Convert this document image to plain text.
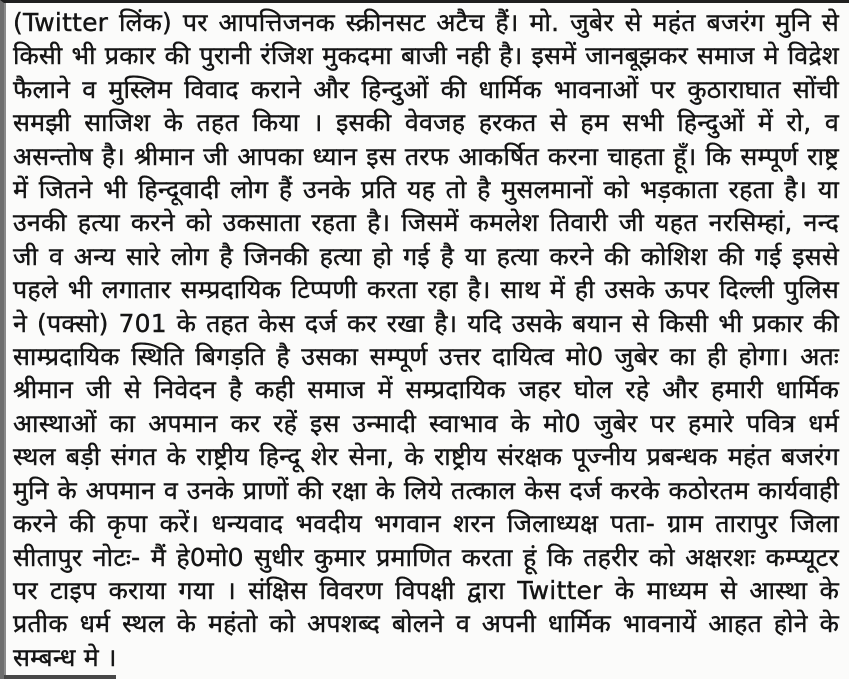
(Twitter लिंक) पर आपत्तिजनक स्क्रीनसट अटैच हैं। मो. जुबेर से महंत बजरंग मुनि से
किसी भी प्रकार की पुरानी रंजिश मुकदमा बाजी नही है। इसमें जानबूझकर समाज मे विद्रेश
फैलाने व मुस्लिम विवाद कराने और हिन्दुओं की धार्मिक भावनाओं पर कुठाराघात सोंची
समझी साजिश के तहत किया । इसकी वेवजह हरकत से हम सभी हिन्दुओं में रो, व
असन्तोष है। श्रीमान जी आपका ध्यान इस तरफ आकर्षित करना चाहता हूँ। कि सम्पूर्ण राष्ट्र
में जितने भी हिन्दूवादी लोग हैं उनके प्रति यह तो है मुसलमानों को भड़काता रहता है। या
उनकी हत्या करने को उकसाता रहता है। जिसमें कमलेश तिवारी जी यहत नरसिम्हां, नन्द
जी व अन्य सारे लोग है जिनकी हत्या हो गई है या हत्या करने की कोशिश की गई इससे
पहले भी लगातार सम्प्रदायिक टिप्पणी करता रहा है। साथ में ही उसके ऊपर दिल्ली पुलिस
ने (पक्सो) 701 के तहत केस दर्ज कर रखा है। यदि उसके बयान से किसी भी प्रकार की
साम्प्रदायिक स्थिति बिगड़ति है उसका सम्पूर्ण उत्तर दायित्व मो0 जुबेर का ही होगा। अतः
श्रीमान जी से निवेदन है कही समाज में सम्प्रदायिक जहर घोल रहे और हमारी धार्मिक
आस्थाओं का अपमान कर रहें इस उन्मादी स्वाभाव के मो0 जुबेर पर हमारे पवित्र धर्म
स्थल बड़ी संगत के राष्ट्रीय हिन्दू शेर सेना, के राष्ट्रीय संरक्षक पूज्नीय प्रबन्धक महंत बजरंग
मुनि के अपमान व उनके प्राणों की रक्षा के लिये तत्काल केस दर्ज करके कठोरतम कार्यवाही
करने की कृपा करें। धन्यवाद भवदीय भगवान शरन जिलाध्यक्ष पता- ग्राम तारापुर जिला
सीतापुर नोटः- मैं हे0मो0 सुधीर कुमार प्रमाणित करता हूं कि तहरीर को अक्षरशः कम्प्यूटर
पर टाइप कराया गया । संक्षिस विवरण विपक्षी द्वारा Twitter के माध्यम से आस्था के
प्रतीक धर्म स्थल के महंतो को अपशब्द बोलने व अपनी धार्मिक भावनायें आहत होने के
सम्बन्ध मे ।
